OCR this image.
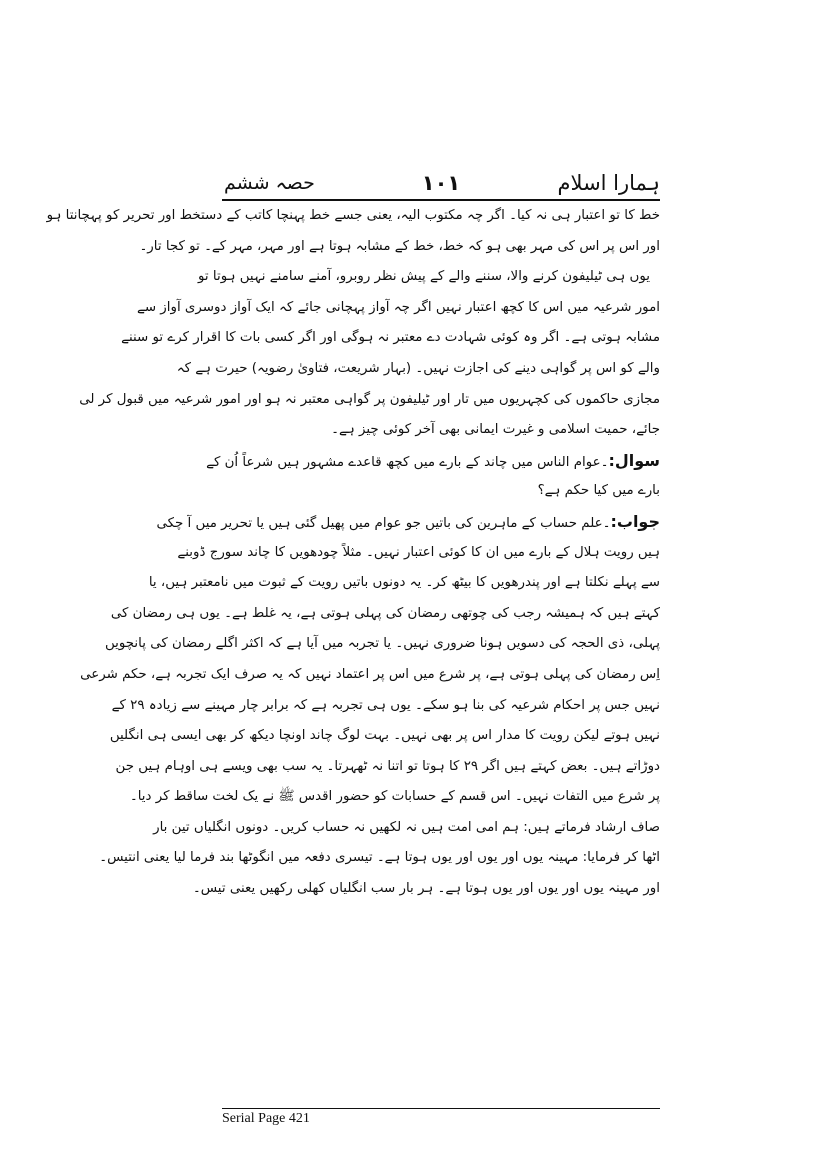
ہمارا اسلام
۱۰۱
حصہ ششم
خط کا تو اعتبار ہی نہ کیا۔ اگر چہ مکتوب الیہ، یعنی جسے خط پہنچا کاتب کے دستخط اور تحریر کو پہچانتا ہو
اور اس پر اس کی مہر بھی ہو کہ خط، خط کے مشابہ ہوتا ہے اور مہر، مہر کے۔ تو کجا تار۔
یوں ہی ٹیلیفون کرنے والا، سننے والے کے پیش نظر روبرو، آمنے سامنے نہیں ہوتا تو
امور شرعیہ میں اس کا کچھ اعتبار نہیں اگر چہ آواز پہچانی جائے کہ ایک آواز دوسری آواز سے
مشابہ ہوتی ہے۔ اگر وہ کوئی شہادت دے معتبر نہ ہوگی اور اگر کسی بات کا اقرار کرے تو سننے
والے کو اس پر گواہی دینے کی اجازت نہیں۔ (بہار شریعت، فتاویٰ رضویہ) حیرت ہے کہ
مجازی حاکموں کی کچہریوں میں تار اور ٹیلیفون پر گواہی معتبر نہ ہو اور امور شرعیہ میں قبول کر لی
جائے، حمیت اسلامی و غیرت ایمانی بھی آخر کوئی چیز ہے۔
سوال:۔عوام الناس میں چاند کے بارے میں کچھ قاعدے مشہور ہیں شرعاً اُن کے
بارے میں کیا حکم ہے؟
جواب:۔علم حساب کے ماہرین کی باتیں جو عوام میں پھیل گئی ہیں یا تحریر میں آ چکی
ہیں رویت ہلال کے بارے میں ان کا کوئی اعتبار نہیں۔ مثلاً چودھویں کا چاند سورج ڈوبنے
سے پہلے نکلتا ہے اور پندرھویں کا بیٹھ کر۔ یہ دونوں باتیں رویت کے ثبوت میں نامعتبر ہیں، یا
کہتے ہیں کہ ہمیشہ رجب کی چوتھی رمضان کی پہلی ہوتی ہے، یہ غلط ہے۔ یوں ہی رمضان کی
پہلی، ذی الحجہ کی دسویں ہونا ضروری نہیں۔ یا تجربہ میں آیا ہے کہ اکثر اگلے رمضان کی پانچویں
اِس رمضان کی پہلی ہوتی ہے، پر شرع میں اس پر اعتماد نہیں کہ یہ صرف ایک تجربہ ہے، حکم شرعی
نہیں جس پر احکام شرعیہ کی بنا ہو سکے۔ یوں ہی تجربہ ہے کہ برابر چار مہینے سے زیادہ ۲۹ کے
نہیں ہوتے لیکن رویت کا مدار اس پر بھی نہیں۔ بہت لوگ چاند اونچا دیکھ کر بھی ایسی ہی انگلیں
دوڑاتے ہیں۔ بعض کہتے ہیں اگر ۲۹ کا ہوتا تو اتنا نہ ٹھہرتا۔ یہ سب بھی ویسے ہی اوہام ہیں جن
پر شرع میں التفات نہیں۔ اس قسم کے حسابات کو حضور اقدس ﷺ نے یک لخت ساقط کر دیا۔
صاف ارشاد فرماتے ہیں: ہم امی امت ہیں نہ لکھیں نہ حساب کریں۔ دونوں انگلیاں تین بار
اٹھا کر فرمایا: مہینہ یوں اور یوں اور یوں ہوتا ہے۔ تیسری دفعہ میں انگوٹھا بند فرما لیا یعنی انتیس۔
اور مہینہ یوں اور یوں اور یوں ہوتا ہے۔ ہر بار سب انگلیاں کھلی رکھیں یعنی تیس۔
Serial Page 421
